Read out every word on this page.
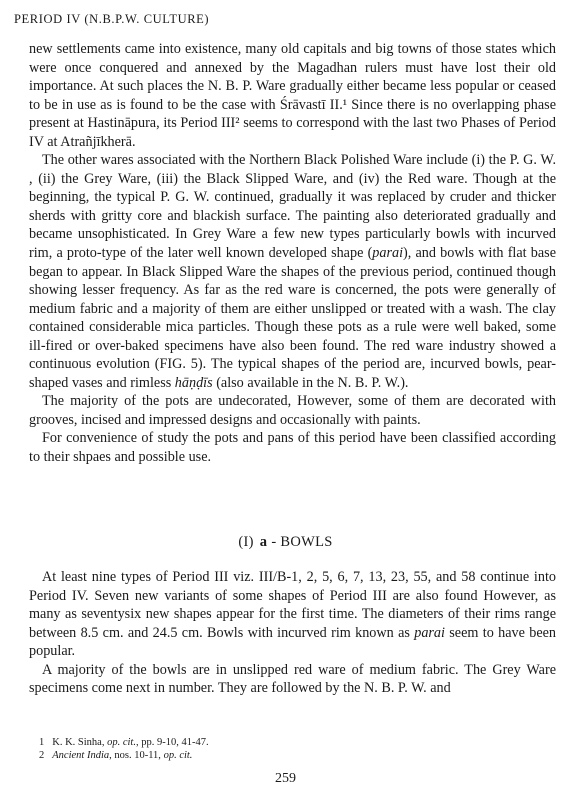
PERIOD IV (N.B.P.W. CULTURE)

new settlements came into existence, many old capitals and big towns of those states which were once conquered and annexed by the Magadhan rulers must have lost their old importance. At such places the N. B. P. Ware gradually either became less popular or ceased to be in use as is found to be the case with Śrāvastī II.¹ Since there is no overlapping phase present at Hastināpura, its Period III² seems to correspond with the last two Phases of Period IV at Atrañjīkherā.

The other wares associated with the Northern Black Polished Ware include (i) the P. G. W. , (ii) the Grey Ware, (iii) the Black Slipped Ware, and (iv) the Red ware. Though at the beginning, the typical P. G. W. continued, gradually it was replaced by cruder and thicker sherds with gritty core and blackish surface. The painting also deteriorated gradually and became unsophisticated. In Grey Ware a few new types particularly bowls with incurved rim, a proto-type of the later well known developed shape (parai), and bowls with flat base began to appear. In Black Slipped Ware the shapes of the previous period, continued though showing lesser frequency. As far as the red ware is concerned, the pots were generally of medium fabric and a majority of them are either unslipped or treated with a wash. The clay contained considerable mica particles. Though these pots as a rule were well baked, some ill-fired or over-baked specimens have also been found. The red ware industry showed a continuous evolution (FIG. 5). The typical shapes of the period are, incurved bowls, pear-shaped vases and rimless hāṇḍīs (also available in the N. B. P. W.).

The majority of the pots are undecorated, However, some of them are decorated with grooves, incised and impressed designs and occasionally with paints.

For convenience of study the pots and pans of this period have been classified according to their shpaes and possible use.

(I) a - BOWLS

At least nine types of Period III viz. III/B-1, 2, 5, 6, 7, 13, 23, 55, and 58 continue into Period IV. Seven new variants of some shapes of Period III are also found However, as many as seventysix new shapes appear for the first time. The diameters of their rims range between 8.5 cm. and 24.5 cm. Bowls with incurved rim known as parai seem to have been popular.

A majority of the bowls are in unslipped red ware of medium fabric. The Grey Ware specimens come next in number. They are followed by the N. B. P. W. and

1 K. K. Sinha, op. cit., pp. 9-10, 41-47.
2 Ancient India, nos. 10-11, op. cit.
259
